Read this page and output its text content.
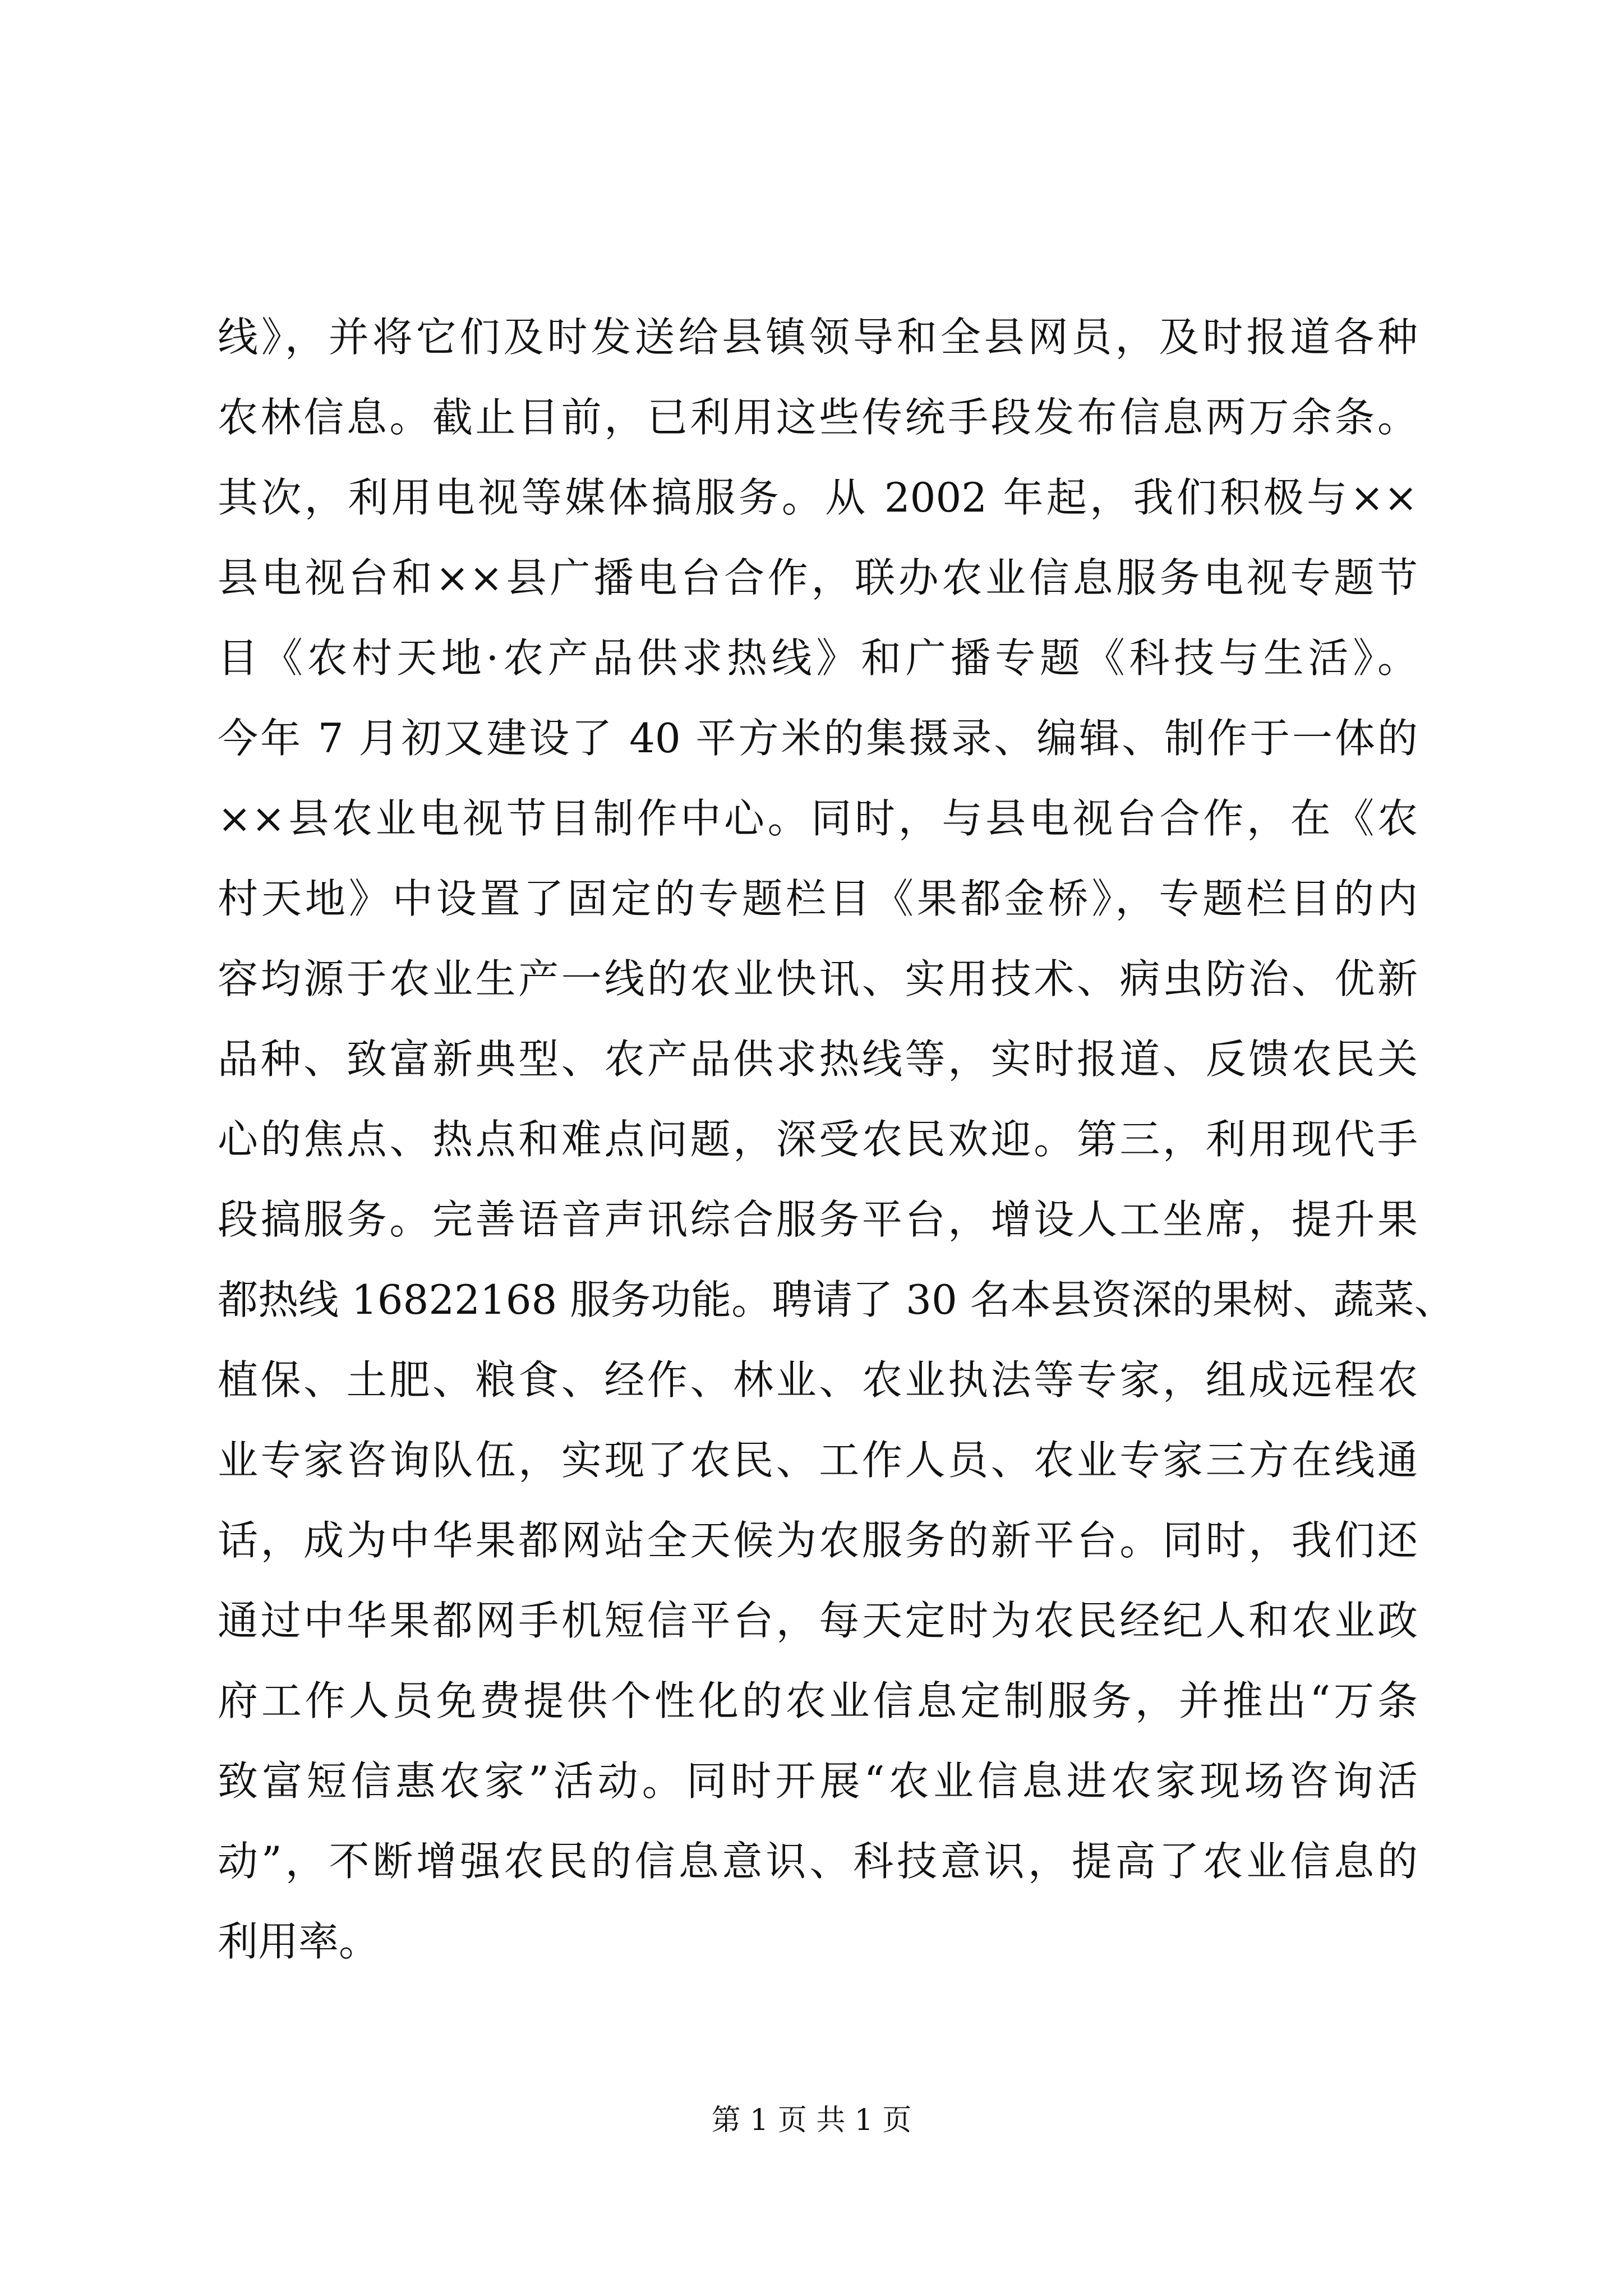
线》，并将它们及时发送给县镇领导和全县网员，及时报道各种
农林信息。截止目前，已利用这些传统手段发布信息两万余条。
其次，利用电视等媒体搞服务。从 2002 年起，我们积极与××
县电视台和××县广播电台合作，联办农业信息服务电视专题节
目《农村天地·农产品供求热线》和广播专题《科技与生活》。
今年 7 月初又建设了 40 平方米的集摄录、编辑、制作于一体的
××县农业电视节目制作中心。同时，与县电视台合作，在《农
村天地》中设置了固定的专题栏目《果都金桥》，专题栏目的内
容均源于农业生产一线的农业快讯、实用技术、病虫防治、优新
品种、致富新典型、农产品供求热线等，实时报道、反馈农民关
心的焦点、热点和难点问题，深受农民欢迎。第三，利用现代手
段搞服务。完善语音声讯综合服务平台，增设人工坐席，提升果
都热线 16822168 服务功能。聘请了 30 名本县资深的果树、蔬菜、
植保、土肥、粮食、经作、林业、农业执法等专家，组成远程农
业专家咨询队伍，实现了农民、工作人员、农业专家三方在线通
话，成为中华果都网站全天候为农服务的新平台。同时，我们还
通过中华果都网手机短信平台，每天定时为农民经纪人和农业政
府工作人员免费提供个性化的农业信息定制服务，并推出“万条
致富短信惠农家”活动。同时开展“农业信息进农家现场咨询活
动”，不断增强农民的信息意识、科技意识，提高了农业信息的
利用率。
第 1 页 共 1 页
